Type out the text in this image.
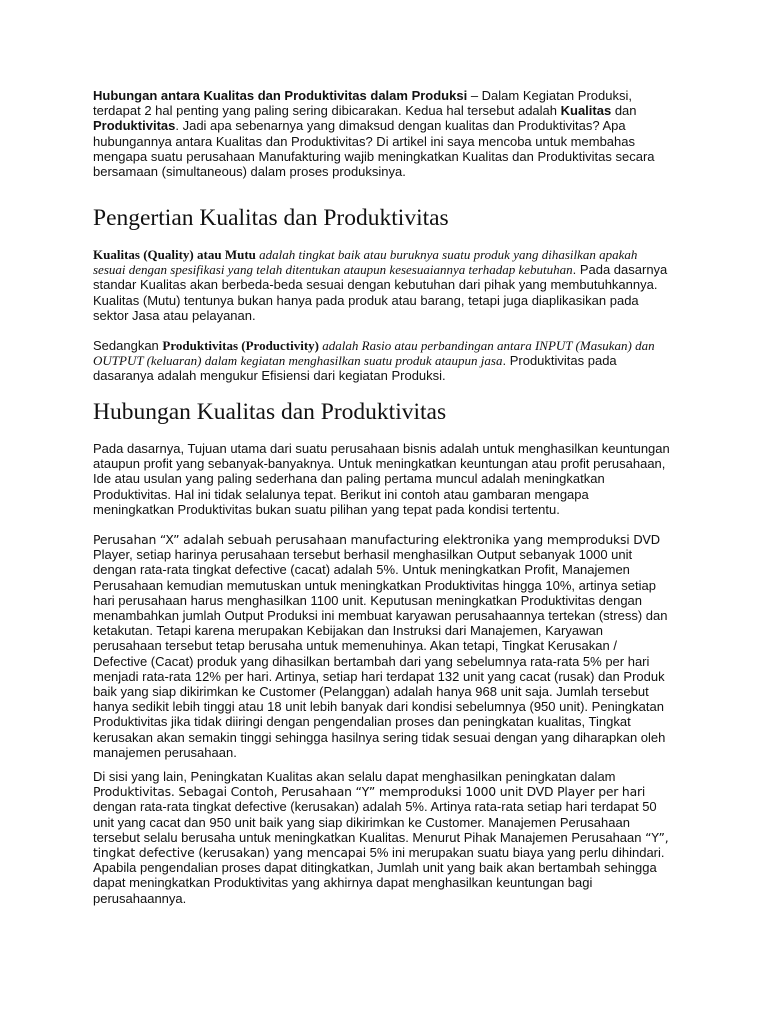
Hubungan antara Kualitas dan Produktivitas dalam Produksi – Dalam Kegiatan Produksi, terdapat 2 hal penting yang paling sering dibicarakan. Kedua hal tersebut adalah Kualitas dan Produktivitas. Jadi apa sebenarnya yang dimaksud dengan kualitas dan Produktivitas? Apa hubungannya antara Kualitas dan Produktivitas? Di artikel ini saya mencoba untuk membahas mengapa suatu perusahaan Manufakturing wajib meningkatkan Kualitas dan Produktivitas secara bersamaan (simultaneous) dalam proses produksinya.

Pengertian Kualitas dan Produktivitas

Kualitas (Quality) atau Mutu adalah tingkat baik atau buruknya suatu produk yang dihasilkan apakah sesuai dengan spesifikasi yang telah ditentukan ataupun kesesuaiannya terhadap kebutuhan. Pada dasarnya standar Kualitas akan berbeda-beda sesuai dengan kebutuhan dari pihak yang membutuhkannya. Kualitas (Mutu) tentunya bukan hanya pada produk atau barang, tetapi juga diaplikasikan pada sektor Jasa atau pelayanan.

Sedangkan Produktivitas (Productivity) adalah Rasio atau perbandingan antara INPUT (Masukan) dan OUTPUT (keluaran) dalam kegiatan menghasilkan suatu produk ataupun jasa. Produktivitas pada dasaranya adalah mengukur Efisiensi dari kegiatan Produksi.

Hubungan Kualitas dan Produktivitas

Pada dasarnya, Tujuan utama dari suatu perusahaan bisnis adalah untuk menghasilkan keuntungan ataupun profit yang sebanyak-banyaknya. Untuk meningkatkan keuntungan atau profit perusahaan, Ide atau usulan yang paling sederhana dan paling pertama muncul adalah meningkatkan Produktivitas. Hal ini tidak selalunya tepat. Berikut ini contoh atau gambaran mengapa meningkatkan Produktivitas bukan suatu pilihan yang tepat pada kondisi tertentu.

Perusahan “X” adalah sebuah perusahaan manufacturing elektronika yang memproduksi DVD Player, setiap harinya perusahaan tersebut berhasil menghasilkan Output sebanyak 1000 unit dengan rata-rata tingkat defective (cacat) adalah 5%. Untuk meningkatkan Profit, Manajemen Perusahaan kemudian memutuskan untuk meningkatkan Produktivitas hingga 10%, artinya setiap hari perusahaan harus menghasilkan 1100 unit. Keputusan meningkatkan Produktivitas dengan menambahkan jumlah Output Produksi ini membuat karyawan perusahaannya tertekan (stress) dan ketakutan. Tetapi karena merupakan Kebijakan dan Instruksi dari Manajemen, Karyawan perusahaan tersebut tetap berusaha untuk memenuhinya. Akan tetapi, Tingkat Kerusakan / Defective (Cacat) produk yang dihasilkan bertambah dari yang sebelumnya rata-rata 5% per hari menjadi rata-rata 12% per hari. Artinya, setiap hari terdapat 132 unit yang cacat (rusak) dan Produk baik yang siap dikirimkan ke Customer (Pelanggan) adalah hanya 968 unit saja. Jumlah tersebut hanya sedikit lebih tinggi atau 18 unit lebih banyak dari kondisi sebelumnya (950 unit). Peningkatan Produktivitas jika tidak diiringi dengan pengendalian proses dan peningkatan kualitas, Tingkat kerusakan akan semakin tinggi sehingga hasilnya sering tidak sesuai dengan yang diharapkan oleh manajemen perusahaan.

Di sisi yang lain, Peningkatan Kualitas akan selalu dapat menghasilkan peningkatan dalam Produktivitas. Sebagai Contoh, Perusahaan “Y” memproduksi 1000 unit DVD Player per hari dengan rata-rata tingkat defective (kerusakan) adalah 5%. Artinya rata-rata setiap hari terdapat 50 unit yang cacat dan 950 unit baik yang siap dikirimkan ke Customer. Manajemen Perusahaan tersebut selalu berusaha untuk meningkatkan Kualitas. Menurut Pihak Manajemen Perusahaan “Y”, tingkat defective (kerusakan) yang mencapai 5% ini merupakan suatu biaya yang perlu dihindari. Apabila pengendalian proses dapat ditingkatkan, Jumlah unit yang baik akan bertambah sehingga dapat meningkatkan Produktivitas yang akhirnya dapat menghasilkan keuntungan bagi perusahaannya.
